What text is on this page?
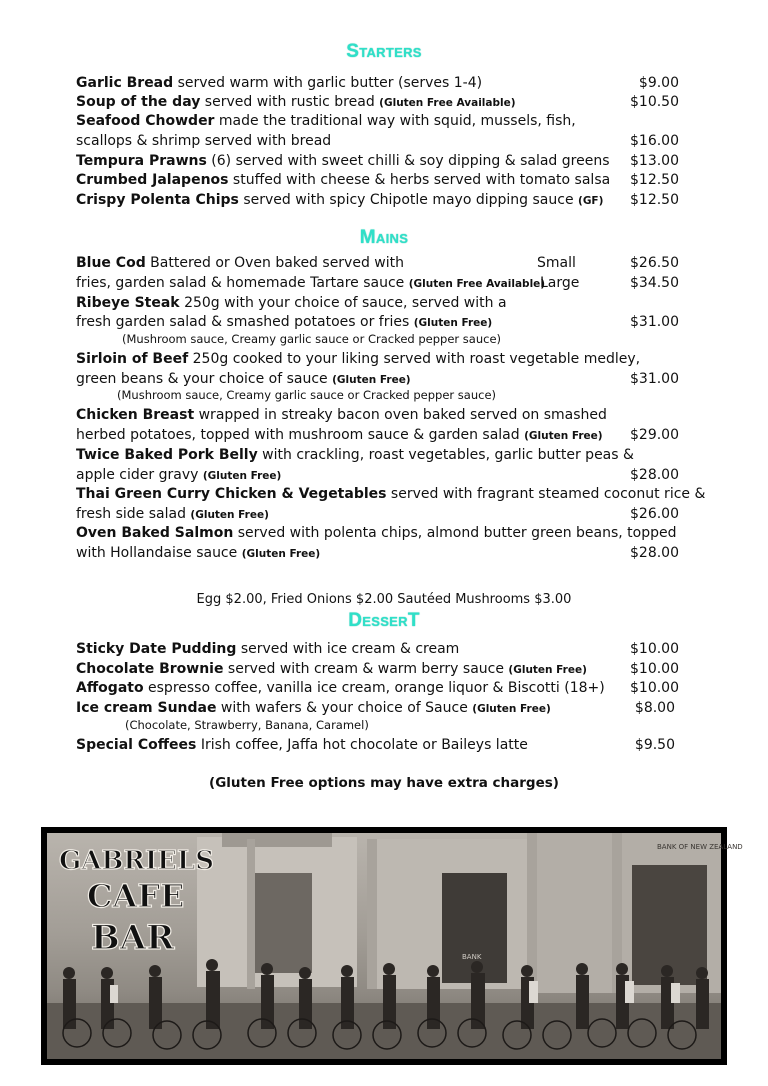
Starters
Garlic Bread served warm with garlic butter (serves 1-4)	$9.00
Soup of the day served with rustic bread (Gluten Free Available)	$10.50
Seafood Chowder made the traditional way with squid, mussels, fish,
scallops & shrimp served with bread	$16.00
Tempura Prawns (6) served with sweet chilli & soy dipping & salad greens $13.00
Crumbed Jalapenos stuffed with cheese & herbs served with tomato salsa $12.50
Crispy Polenta Chips served with spicy Chipotle mayo dipping sauce (GF) $12.50
Mains
Blue Cod Battered or Oven baked served with	Small	$26.50
fries, garden salad & homemade Tartare sauce (Gluten Free Available)
Large	$34.50
Ribeye Steak 250g with your choice of sauce, served with a
fresh garden salad & smashed potatoes or fries (Gluten Free)	$31.00
(Mushroom sauce, Creamy garlic sauce or Cracked pepper sauce)
Sirloin of Beef 250g cooked to your liking served with roast vegetable medley,
green beans & your choice of sauce (Gluten Free)	$31.00
(Mushroom sauce, Creamy garlic sauce or Cracked pepper sauce)
Chicken Breast wrapped in streaky bacon oven baked served on smashed
herbed potatoes, topped with mushroom sauce & garden salad (Gluten Free) $29.00
Twice Baked Pork Belly with crackling, roast vegetables, garlic butter peas &
apple cider gravy (Gluten Free)	$28.00
Thai Green Curry Chicken & Vegetables served with fragrant steamed coconut rice &
fresh side salad (Gluten Free)	$26.00
Oven Baked Salmon served with polenta chips, almond butter green beans, topped
with Hollandaise sauce (Gluten Free)	$28.00
Egg $2.00, Fried Onions $2.00 Sautéed Mushrooms $3.00
DesserT
Sticky Date Pudding served with ice cream & cream	$10.00
Chocolate Brownie served with cream & warm berry sauce (Gluten Free)	$10.00
Affogato espresso coffee, vanilla ice cream, orange liquor & Biscotti (18+) $10.00
Ice cream Sundae with wafers & your choice of Sauce (Gluten Free)	$8.00
(Chocolate, Strawberry, Banana, Caramel)
Special Coffees Irish coffee, Jaffa hot chocolate or Baileys latte	$9.50
(Gluten Free options may have extra charges)
BANK OF NEW ZEALAND
BANK
GABRIELS
CAFE
BAR
